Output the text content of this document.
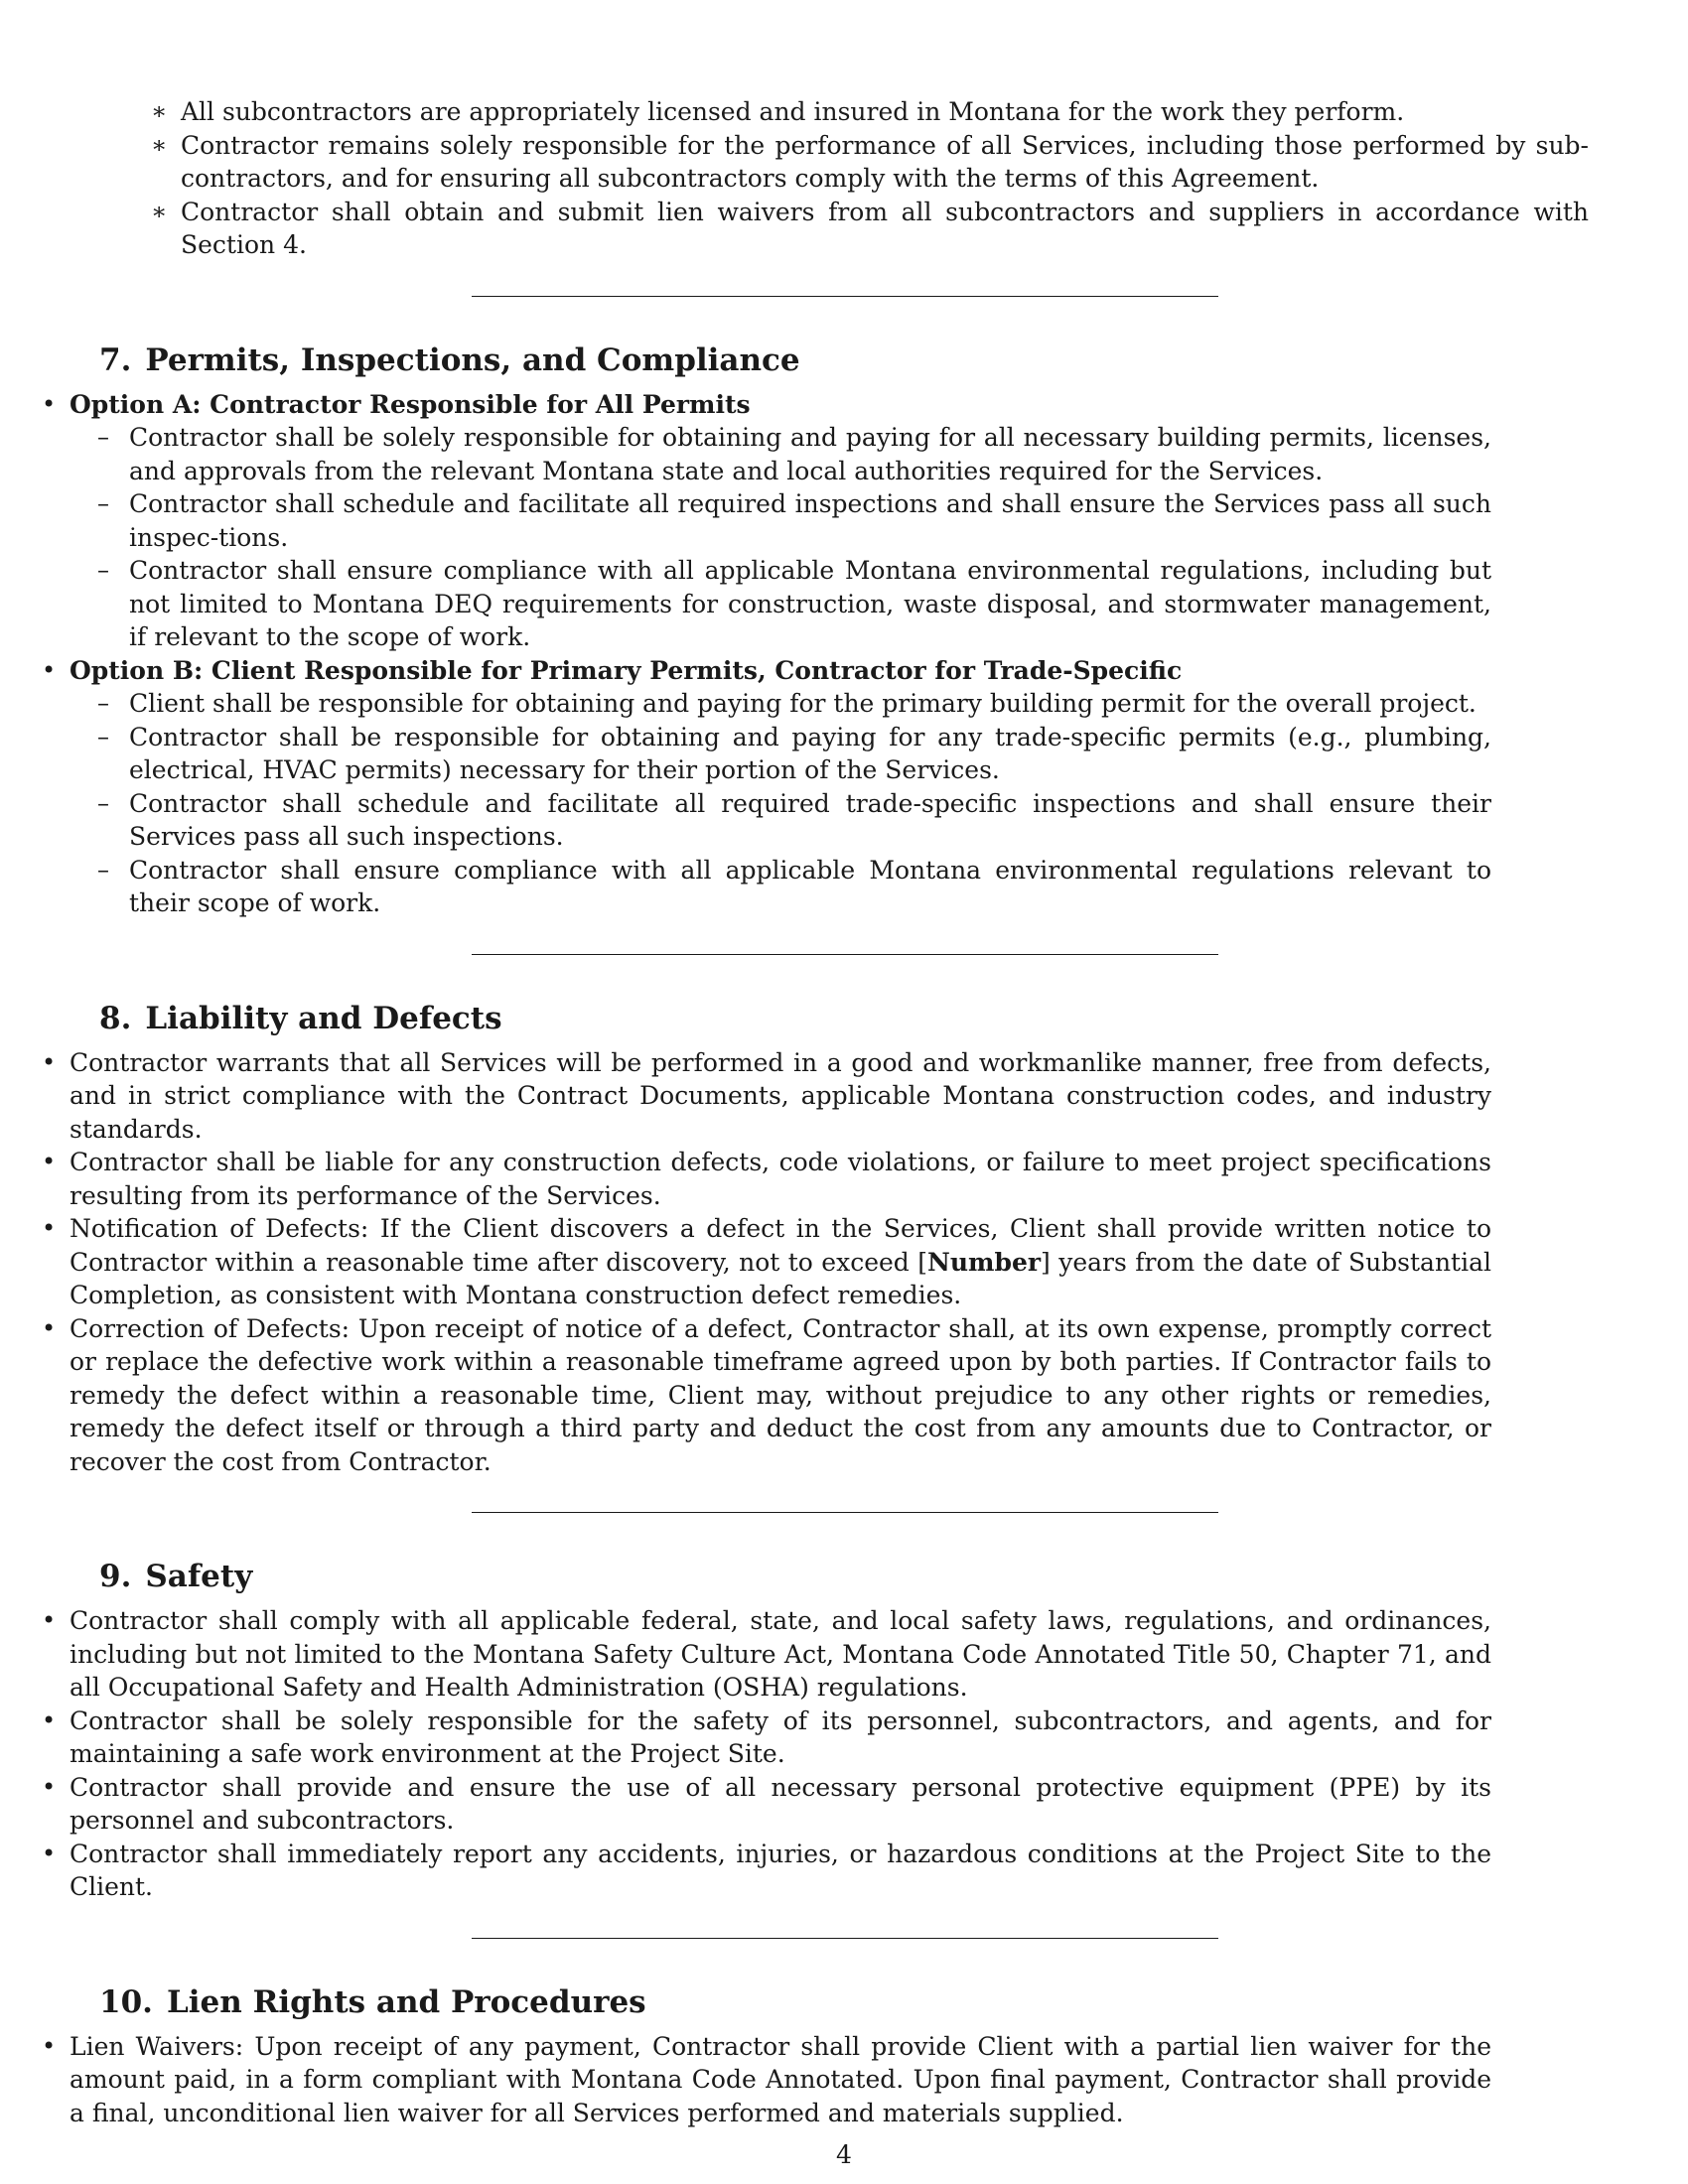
∗ All subcontractors are appropriately licensed and insured in Montana for the work they perform.
∗ Contractor remains solely responsible for the performance of all Services, including those performed by sub-contractors, and for ensuring all subcontractors comply with the terms of this Agreement.
∗ Contractor shall obtain and submit lien waivers from all subcontractors and suppliers in accordance with Section 4.
7. Permits, Inspections, and Compliance
• Option A: Contractor Responsible for All Permits
– Contractor shall be solely responsible for obtaining and paying for all necessary building permits, licenses, and approvals from the relevant Montana state and local authorities required for the Services.
– Contractor shall schedule and facilitate all required inspections and shall ensure the Services pass all such inspec-tions.
– Contractor shall ensure compliance with all applicable Montana environmental regulations, including but not limited to Montana DEQ requirements for construction, waste disposal, and stormwater management, if relevant to the scope of work.
• Option B: Client Responsible for Primary Permits, Contractor for Trade-Specific
– Client shall be responsible for obtaining and paying for the primary building permit for the overall project.
– Contractor shall be responsible for obtaining and paying for any trade-specific permits (e.g., plumbing, electrical, HVAC permits) necessary for their portion of the Services.
– Contractor shall schedule and facilitate all required trade-specific inspections and shall ensure their Services pass all such inspections.
– Contractor shall ensure compliance with all applicable Montana environmental regulations relevant to their scope of work.
8. Liability and Defects
• Contractor warrants that all Services will be performed in a good and workmanlike manner, free from defects, and in strict compliance with the Contract Documents, applicable Montana construction codes, and industry standards.
• Contractor shall be liable for any construction defects, code violations, or failure to meet project specifications resulting from its performance of the Services.
• Notification of Defects: If the Client discovers a defect in the Services, Client shall provide written notice to Contractor within a reasonable time after discovery, not to exceed [Number] years from the date of Substantial Completion, as consistent with Montana construction defect remedies.
• Correction of Defects: Upon receipt of notice of a defect, Contractor shall, at its own expense, promptly correct or replace the defective work within a reasonable timeframe agreed upon by both parties. If Contractor fails to remedy the defect within a reasonable time, Client may, without prejudice to any other rights or remedies, remedy the defect itself or through a third party and deduct the cost from any amounts due to Contractor, or recover the cost from Contractor.
9. Safety
• Contractor shall comply with all applicable federal, state, and local safety laws, regulations, and ordinances, including but not limited to the Montana Safety Culture Act, Montana Code Annotated Title 50, Chapter 71, and all Occupational Safety and Health Administration (OSHA) regulations.
• Contractor shall be solely responsible for the safety of its personnel, subcontractors, and agents, and for maintaining a safe work environment at the Project Site.
• Contractor shall provide and ensure the use of all necessary personal protective equipment (PPE) by its personnel and subcontractors.
• Contractor shall immediately report any accidents, injuries, or hazardous conditions at the Project Site to the Client.
10. Lien Rights and Procedures
• Lien Waivers: Upon receipt of any payment, Contractor shall provide Client with a partial lien waiver for the amount paid, in a form compliant with Montana Code Annotated. Upon final payment, Contractor shall provide a final, unconditional lien waiver for all Services performed and materials supplied.
4
